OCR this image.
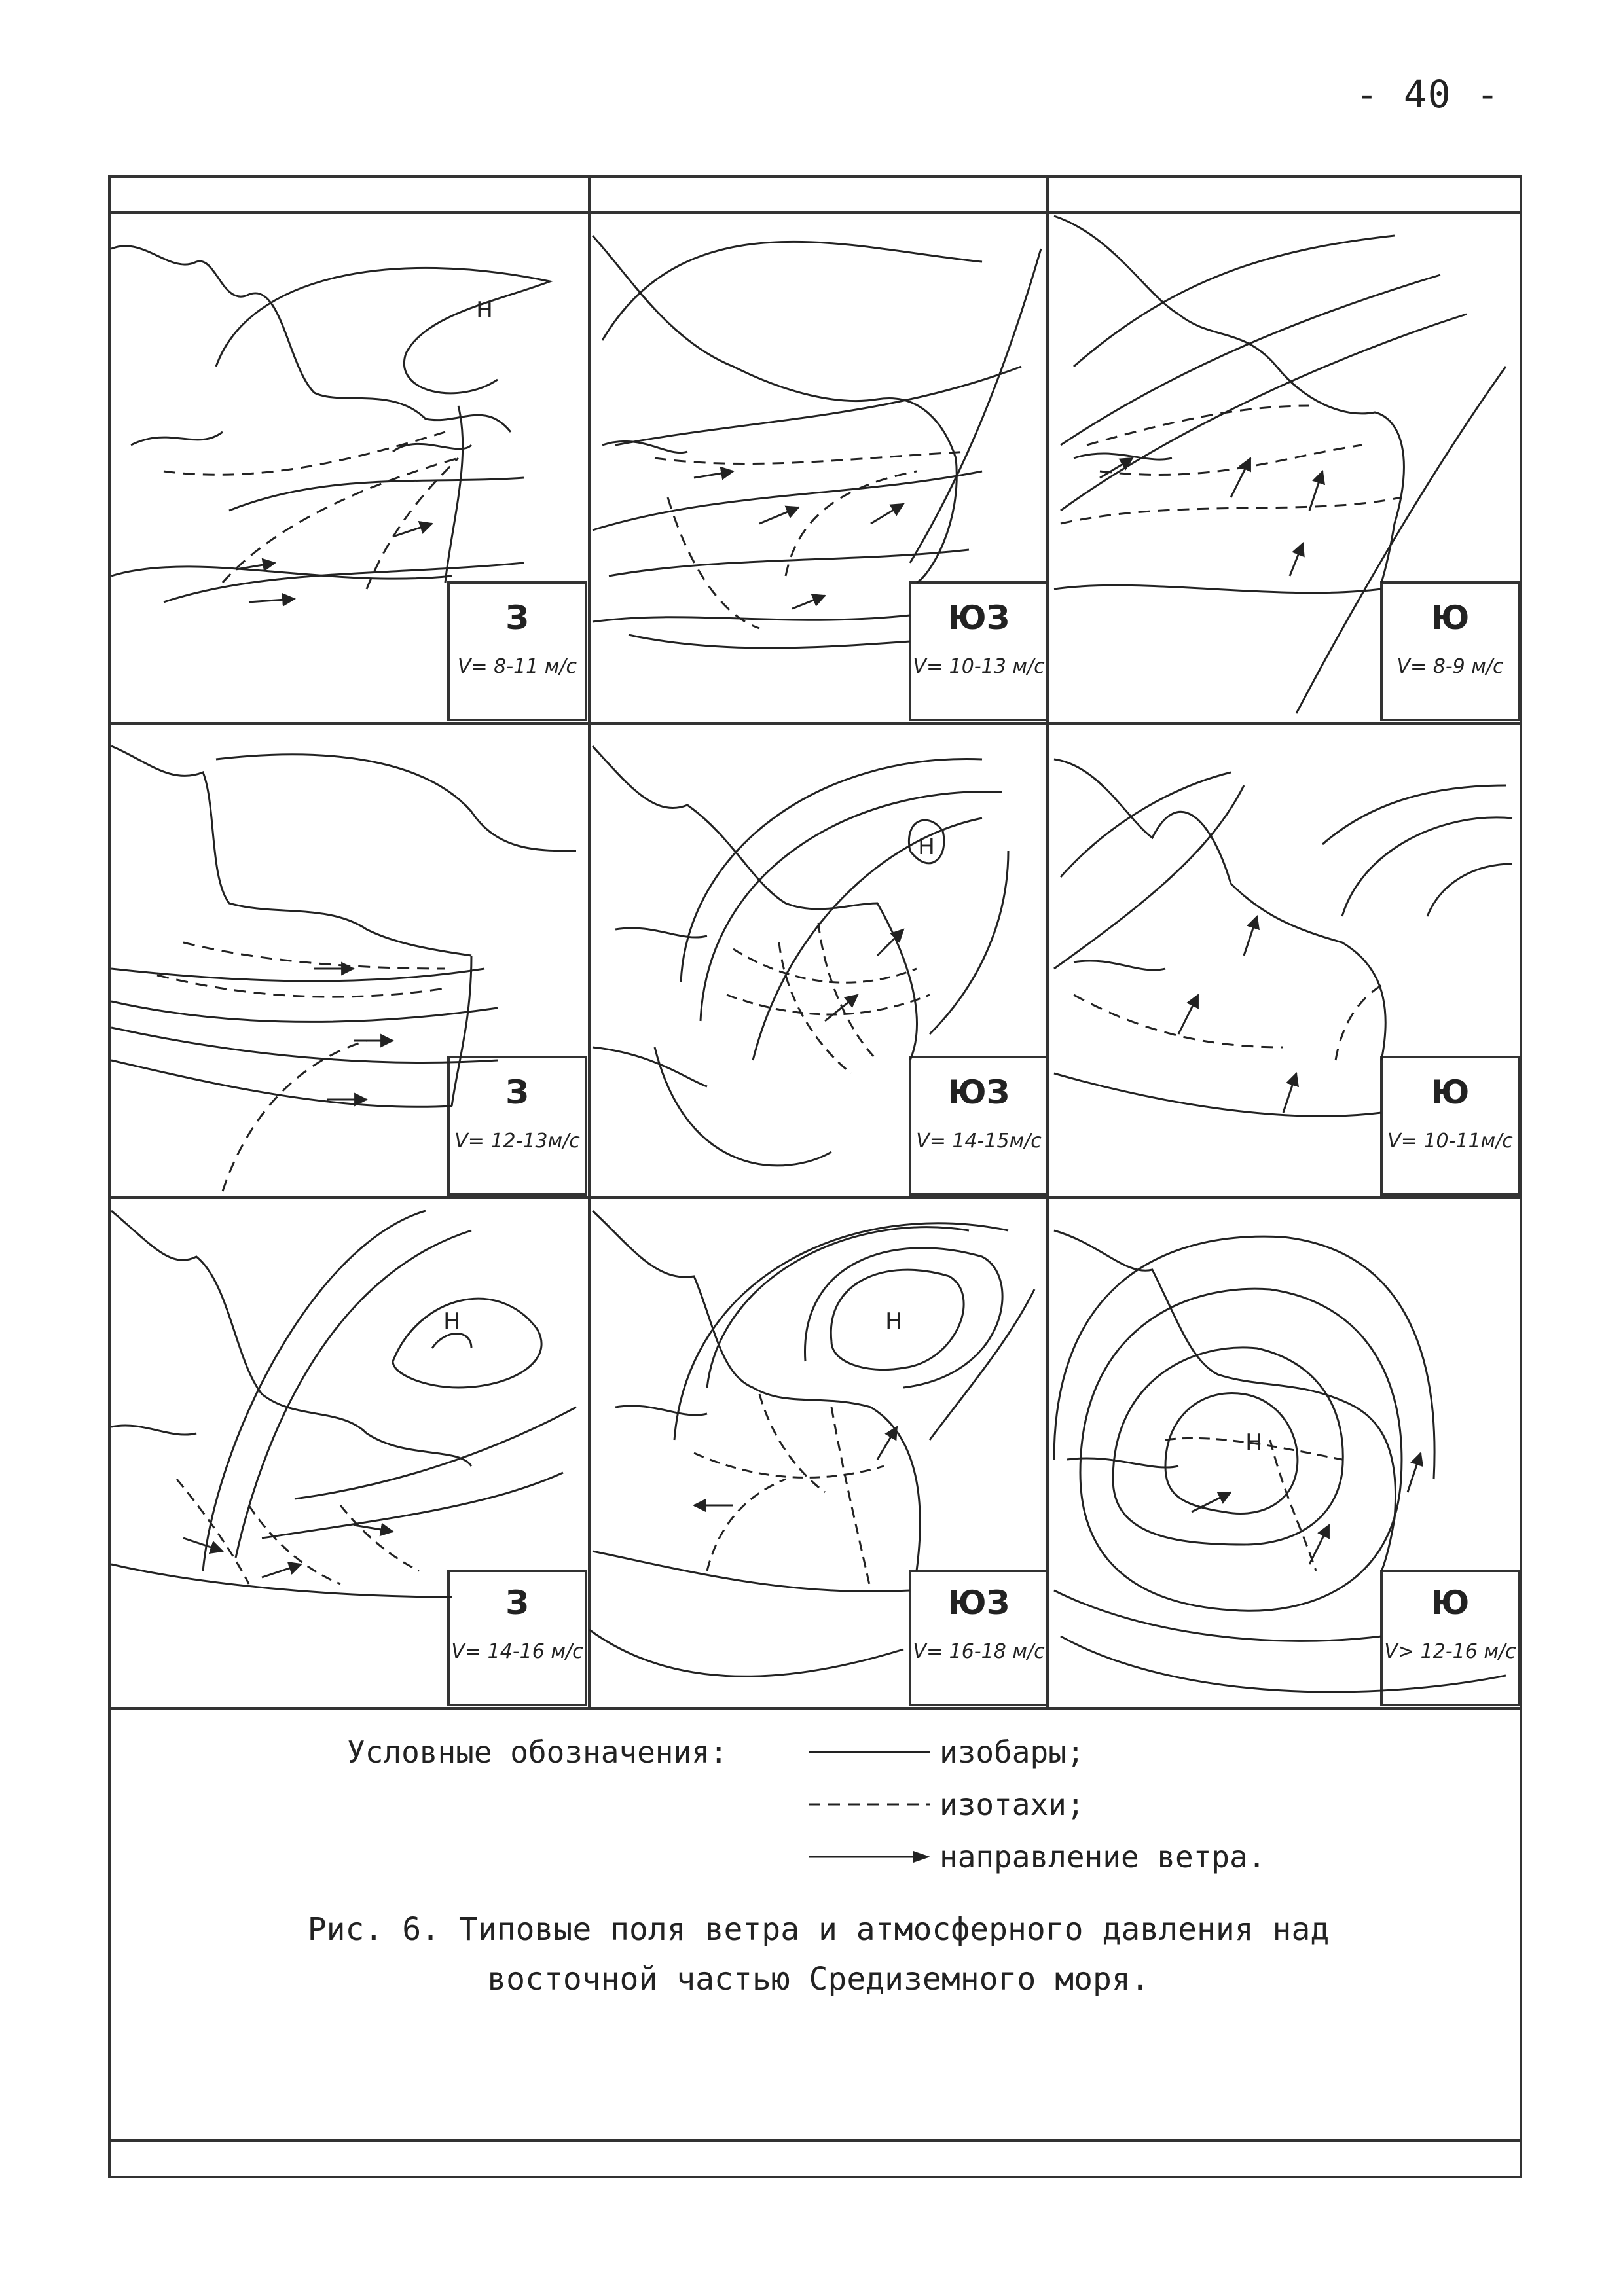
- 40 -
Н
Н
Н	Н
Н
З
V= 8-11 м/с
ЮЗ
V= 10-13 м/с
Ю
V= 8-9 м/с
З
V= 12-13м/с
ЮЗ
V= 14-15м/с
Ю
V= 10-11м/с
З
V= 14-16 м/с
ЮЗ
V= 16-18 м/с
Ю
V> 12-16 м/с
Условные обозначения:	изобары;
изотахи;
направление ветра.
Рис. 6. Типовые поля ветра и атмосферного давления над
восточной частью Средиземного моря.
